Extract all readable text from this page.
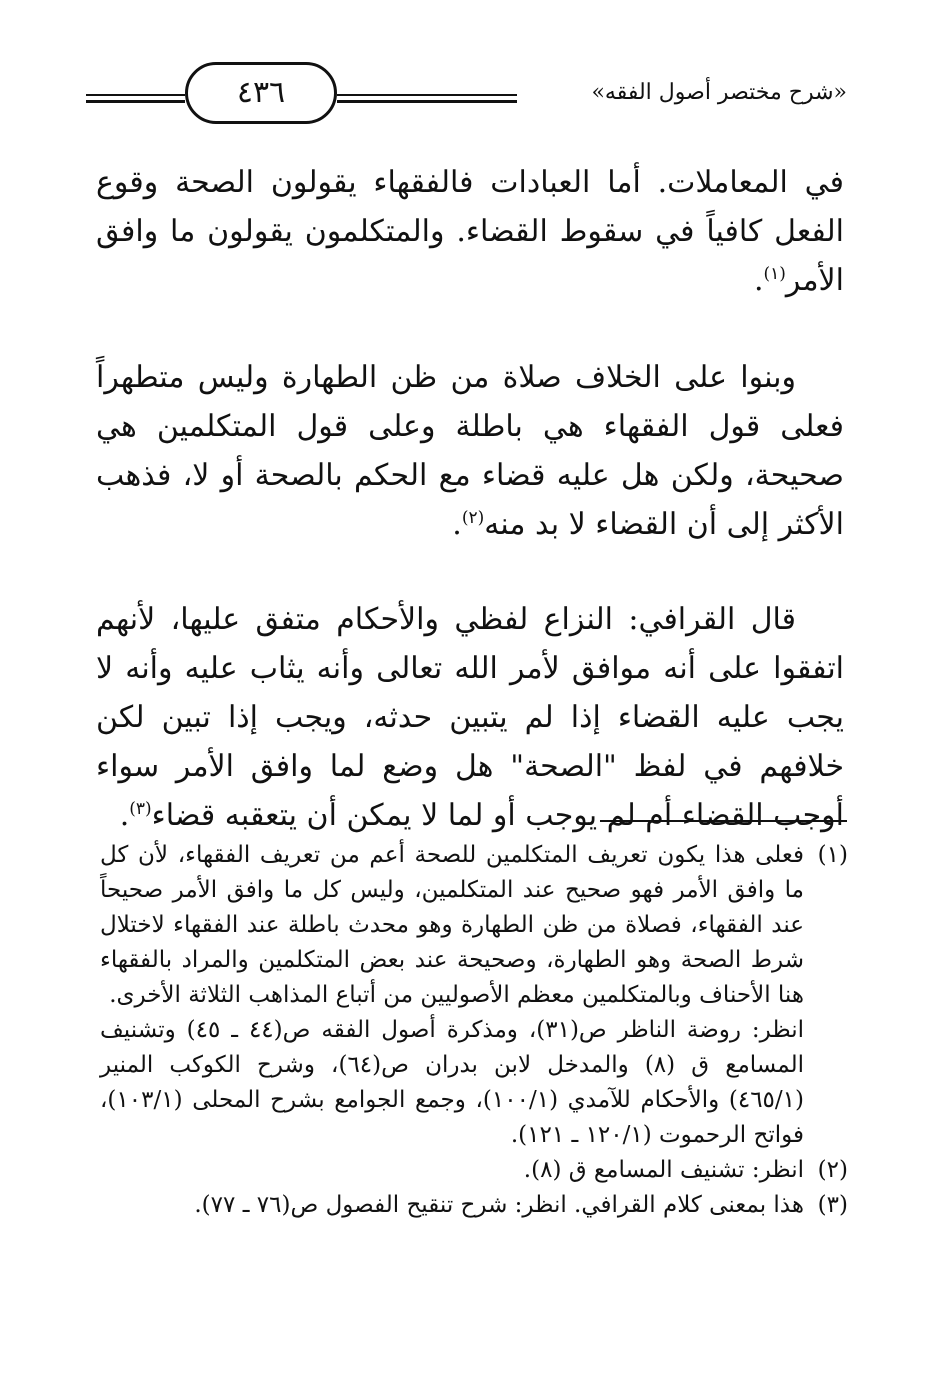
«شرح مختصر أصول الفقه»
٤٣٦

في المعاملات. أما العبادات فالفقهاء يقولون الصحة وقوع الفعل كافياً في سقوط القضاء. والمتكلمون يقولون ما وافق الأمر$^{(١)}$.

وبنوا على الخلاف صلاة من ظن الطهارة وليس متطهراً فعلى قول الفقهاء هي باطلة وعلى قول المتكلمين هي صحيحة، ولكن هل عليه قضاء مع الحكم بالصحة أو لا، فذهب الأكثر إلى أن القضاء لا بد منه$^{(٢)}$.

قال القرافي: النزاع لفظي والأحكام متفق عليها، لأنهم اتفقوا على أنه موافق لأمر الله تعالى وأنه يثاب عليه وأنه لا يجب عليه القضاء إذا لم يتبين حدثه، ويجب إذا تبين لكن خلافهم في لفظ "الصحة" هل وضع لما وافق الأمر سواء أوجب القضاء أم لم يوجب أو لما لا يمكن أن يتعقبه قضاء$^{(٣)}$.

(١)

فعلى هذا يكون تعريف المتكلمين للصحة أعم من تعريف الفقهاء، لأن كل ما وافق الأمر فهو صحيح عند المتكلمين، وليس كل ما وافق الأمر صحيحاً عند الفقهاء، فصلاة من ظن الطهارة وهو محدث باطلة عند الفقهاء لاختلال شرط الصحة وهو الطهارة، وصحيحة عند بعض المتكلمين والمراد بالفقهاء هنا الأحناف وبالمتكلمين معظم الأصوليين من أتباع المذاهب الثلاثة الأخرى.

انظر: روضة الناظر ص(٣١)، ومذكرة أصول الفقه ص(٤٤ ـ ٤٥) وتشنيف المسامع ق (٨) والمدخل لابن بدران ص(٦٤)، وشرح الكوكب المنير (٤٦٥/١) والأحكام للآمدي (١٠٠/١)، وجمع الجوامع بشرح المحلى (١٠٣/١)، فواتح الرحموت (١٢٠/١ ـ ١٢١).

(٢)

انظر: تشنيف المسامع ق (٨).

(٣)

هذا بمعنى كلام القرافي. انظر: شرح تنقيح الفصول ص(٧٦ ـ ٧٧).
